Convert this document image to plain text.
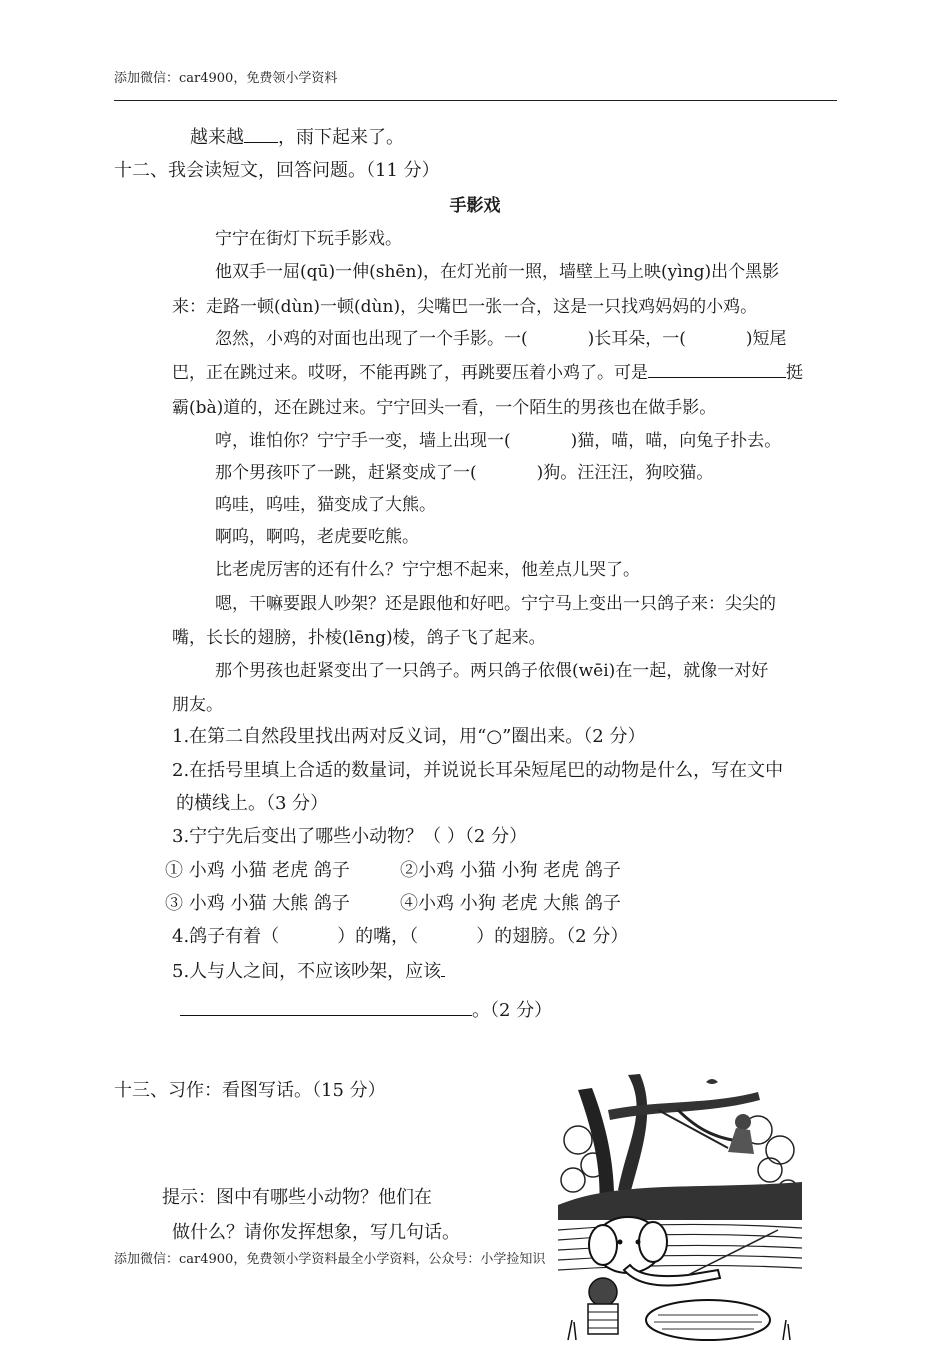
添加微信：car4900，免费领小学资料
越来越 ，雨下起来了。
十二、我会读短文，回答问题。（11 分）
手影戏
宁宁在街灯下玩手影戏。
他双手一屈(qū)一伸(shēn)，在灯光前一照，墙壁上马上映(yìng)出个黑影
来：走路一顿(dùn)一顿(dùn)，尖嘴巴一张一合，这是一只找鸡妈妈的小鸡。
忽然，小鸡的对面也出现了一个手影。一(	)长耳朵，一(	)短尾
巴，正在跳过来。哎呀，不能再跳了，再跳要压着小鸡了。可是	挺
霸(bà)道的，还在跳过来。宁宁回头一看，一个陌生的男孩也在做手影。
哼，谁怕你？宁宁手一变，墙上出现一(	)猫，喵，喵，向兔子扑去。
那个男孩吓了一跳，赶紧变成了一(	)狗。汪汪汪，狗咬猫。
呜哇，呜哇，猫变成了大熊。
啊呜，啊呜，老虎要吃熊。
比老虎厉害的还有什么？宁宁想不起来，他差点儿哭了。
嗯，干嘛要跟人吵架？还是跟他和好吧。宁宁马上变出一只鸽子来：尖尖的
嘴，长长的翅膀，扑棱(lēng)棱，鸽子飞了起来。
那个男孩也赶紧变出了一只鸽子。两只鸽子依偎(wēi)在一起，就像一对好
朋友。
1.在第二自然段里找出两对反义词，用“○”圈出来。（2 分）
2.在括号里填上合适的数量词，并说说长耳朵短尾巴的动物是什么，写在文中
的横线上。（3 分）
3.宁宁先后变出了哪些小动物？（ ）（2 分）
① 小鸡 小猫 老虎 鸽子	②小鸡 小猫 小狗 老虎 鸽子
③ 小鸡 小猫 大熊 鸽子	④小鸡 小狗 老虎 大熊 鸽子
4.鸽子有着（	）的嘴，（	）的翅膀。（2 分）
5.人与人之间，不应该吵架，应该
。（2 分）
十三、习作：看图写话。（15 分）
提示：图中有哪些小动物？他们在
做什么？请你发挥想象，写几句话。
添加微信：car4900，免费领小学资料最全小学资料，公众号：小学捡知识
